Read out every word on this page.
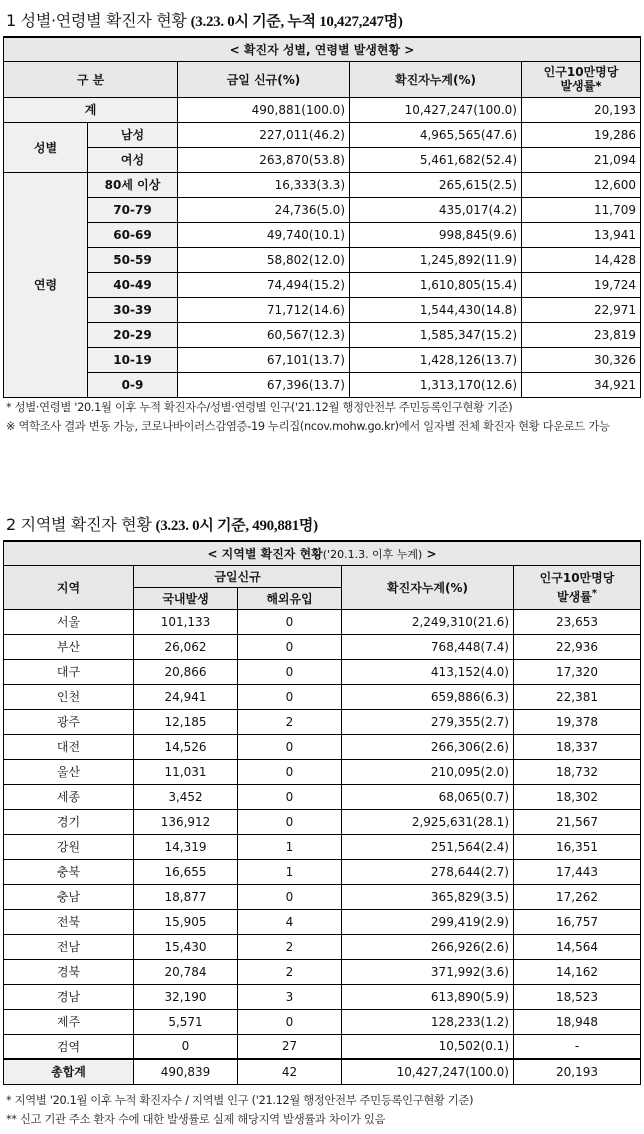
1 성별·연령별 확진자 현황 (3.23. 0시 기준, 누적 10,427,247명)
< 확진자 성별, 연령별 발생현황 >				
구 분		금일 신규(%)	확진자누계(%)	인구10만명당
발생률*

계		490,881(100.0)	10,427,247(100.0)	20,193
성별	남성	227,011(46.2)	4,965,565(47.6)	19,286
	여성	263,870(53.8)	5,461,682(52.4)	21,094
연령	80세 이상	16,333(3.3)	265,615(2.5)	12,600
	70-79	24,736(5.0)	435,017(4.2)	11,709
	60-69	49,740(10.1)	998,845(9.6)	13,941
	50-59	58,802(12.0)	1,245,892(11.9)	14,428
	40-49	74,494(15.2)	1,610,805(15.4)	19,724
	30-39	71,712(14.6)	1,544,430(14.8)	22,971
	20-29	60,567(12.3)	1,585,347(15.2)	23,819
	10-19	67,101(13.7)	1,428,126(13.7)	30,326
	0-9	67,396(13.7)	1,313,170(12.6)	34,921
* 성별·연령별 '20.1월 이후 누적 확진자수/성별·연령별 인구('21.12월 행정안전부 주민등록인구현황 기준)
※ 역학조사 결과 변동 가능, 코로나바이러스감염증-19 누리집(ncov.mohw.go.kr)에서 일자별 전체 확진자 현황 다운로드 가능
2 지역별 확진자 현황 (3.23. 0시 기준, 490,881명)
< 지역별 확진자 현황('20.1.3. 이후 누계) >				
지역	금일신규		확진자누계(%)	인구10만명당
발생률*

	국내발생	해외유입		
서울	101,133	0	2,249,310(21.6)	23,653
부산	26,062	0	768,448(7.4)	22,936
대구	20,866	0	413,152(4.0)	17,320
인천	24,941	0	659,886(6.3)	22,381
광주	12,185	2	279,355(2.7)	19,378
대전	14,526	0	266,306(2.6)	18,337
울산	11,031	0	210,095(2.0)	18,732
세종	3,452	0	68,065(0.7)	18,302
경기	136,912	0	2,925,631(28.1)	21,567
강원	14,319	1	251,564(2.4)	16,351
충북	16,655	1	278,644(2.7)	17,443
충남	18,877	0	365,829(3.5)	17,262
전북	15,905	4	299,419(2.9)	16,757
전남	15,430	2	266,926(2.6)	14,564
경북	20,784	2	371,992(3.6)	14,162
경남	32,190	3	613,890(5.9)	18,523
제주	5,571	0	128,233(1.2)	18,948
검역	0	27	10,502(0.1)	-
총합계	490,839	42	10,427,247(100.0)	20,193
* 지역별 '20.1월 이후 누적 확진자수 / 지역별 인구 ('21.12월 행정안전부 주민등록인구현황 기준)
** 신고 기관 주소 환자 수에 대한 발생률로 실제 해당지역 발생률과 차이가 있음
